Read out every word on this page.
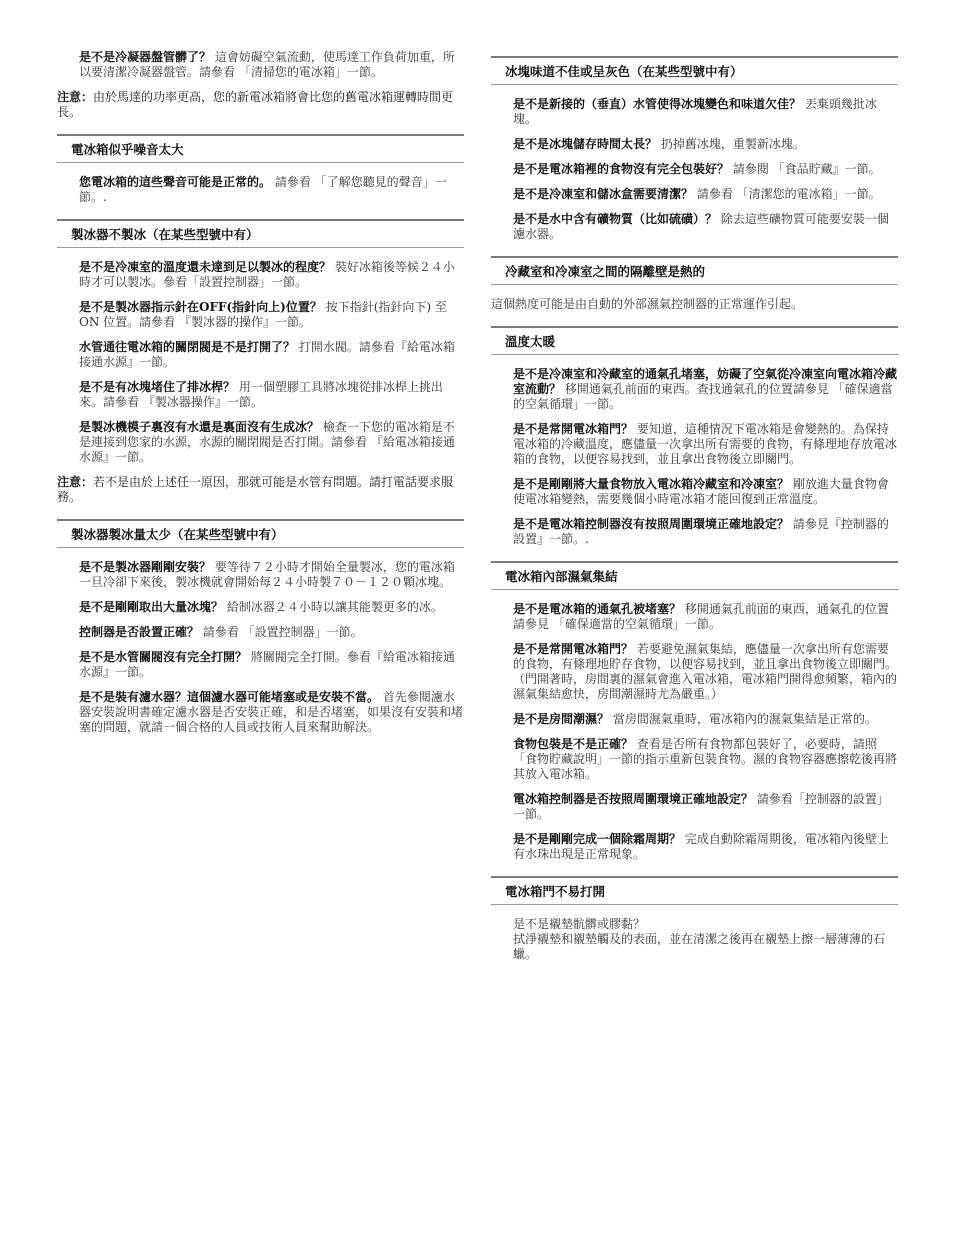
是不是冷凝器盤管髒了？ 這會妨礙空氣流動，使馬達工作負荷加重，所以要清潔冷凝器盤管。請參看 「清掃您的電冰箱」一節。

注意：由於馬達的功率更高，您的新電冰箱將會比您的舊電冰箱運轉時間更長。

電冰箱似乎噪音太大

您電冰箱的這些聲音可能是正常的。 請參看 「了解您聽見的聲音」一節。.

製冰器不製冰（在某些型號中有）

是不是冷凍室的溫度還未達到足以製冰的程度？ 裝好冰箱後等候２４小時才可以製冰。參看「設置控制器」一節。

是不是製冰器指示針在OFF(指針向上)位置？ 按下指針(指針向下) 至 ON 位置。請參看 『製冰器的操作』一節。

水管通往電冰箱的關閉閥是不是打開了？ 打開水閥。請參看『給電冰箱接通水源』一節。

是不是有冰塊堵住了排冰桿？ 用一個塑膠工具將冰塊從排冰桿上挑出來。請參看 『製冰器操作』一節。

是製冰機模子裏沒有水還是裏面沒有生成冰？ 檢查一下您的電冰箱是不是連接到您家的水源，水源的關閉閥是否打開。請參看 『給電冰箱接通水源』一節。

注意：若不是由於上述任一原因，那就可能是水管有問題。請打電話要求服務。

製冰器製冰量太少（在某些型號中有）

是不是製冰器剛剛安裝？ 要等待７２小時才開始全量製冰，您的電冰箱一旦冷卻下來後，製冰機就會開始每２４小時製７０－１２０顆冰塊。

是不是剛剛取出大量冰塊？ 給制冰器２４小時以讓其能製更多的冰。

控制器是否設置正確？ 請參看 「設置控制器」一節。

是不是水管關閥沒有完全打開？ 將關閥完全打開。參看『給電冰箱接通水源』一節。

是不是裝有濾水器？這個濾水器可能堵塞或是安裝不當。 首先參閱濾水器安裝說明書確定濾水器是否安裝正確，和是否堵塞，如果沒有安裝和堵塞的問題，就請一個合格的人員或技術人員來幫助解決。

冰塊味道不佳或呈灰色（在某些型號中有）

是不是新接的（垂直）水管使得冰塊變色和味道欠佳？ 丟棄頭幾批冰塊。

是不是冰塊儲存時間太長？ 扔掉舊冰塊，重製新冰塊。

是不是電冰箱裡的食物沒有完全包裝好？ 請參閱 「食品貯藏』一節。

是不是冷凍室和儲冰盒需要清潔？ 請參看 「清潔您的電冰箱」一節。

是不是水中含有礦物質（比如硫磺）？ 除去這些礦物質可能要安裝一個濾水器。

冷藏室和冷凍室之間的隔離壁是熱的

這個熱度可能是由自動的外部濕氣控制器的正常運作引起。

溫度太暖

是不是冷凍室和冷藏室的通氣孔堵塞，妨礙了空氣從冷凍室向電冰箱冷藏室流動？ 移開通氣孔前面的東西。查找通氣孔的位置請參見 「確保適當的空氣循環」一節。

是不是常開電冰箱門？ 要知道，這種情況下電冰箱是會變熱的。為保持電冰箱的冷藏溫度，應儘量一次拿出所有需要的食物，有條理地存放電冰箱的食物，以便容易找到，並且拿出食物後立即關門。

是不是剛剛將大量食物放入電冰箱冷藏室和冷凍室？ 剛放進大量食物會使電冰箱變熱，需要幾個小時電冰箱才能回復到正常溫度。

是不是電冰箱控制器沒有按照周圍環境正確地設定？ 請參見『控制器的設置』一節。.

電冰箱內部濕氣集結

是不是電冰箱的通氣孔被堵塞？ 移開通氣孔前面的東西，通氣孔的位置請參見 「確保適當的空氣循環」一節。

是不是常開電冰箱門？ 若要避免濕氣集結，應儘量一次拿出所有您需要的食物，有條理地貯存食物，以便容易找到，並且拿出食物後立即關門。（門開著時，房間裏的濕氣會進入電冰箱，電冰箱門開得愈頻繁，箱內的濕氣集結愈快，房間潮濕時尤為嚴重。）

是不是房間潮濕？ 當房間濕氣重時，電冰箱內的濕氣集結是正常的。

食物包裝是不是正確？ 查看是否所有食物都包裝好了，必要時，請照 「食物貯藏說明」一節的指示重新包裝食物。濕的食物容器應擦乾後再將其放入電冰箱。

電冰箱控制器是否按照周圍環境正確地設定？ 請參看「控制器的設置」一節。

是不是剛剛完成一個除霜周期？ 完成自動除霜周期後，電冰箱內後壁上有水珠出現是正常現象。

電冰箱門不易打開

是不是襯墊骯髒或膠黏？
拭淨襯墊和襯墊觸及的表面，並在清潔之後再在襯墊上擦一層薄薄的石蠟。
